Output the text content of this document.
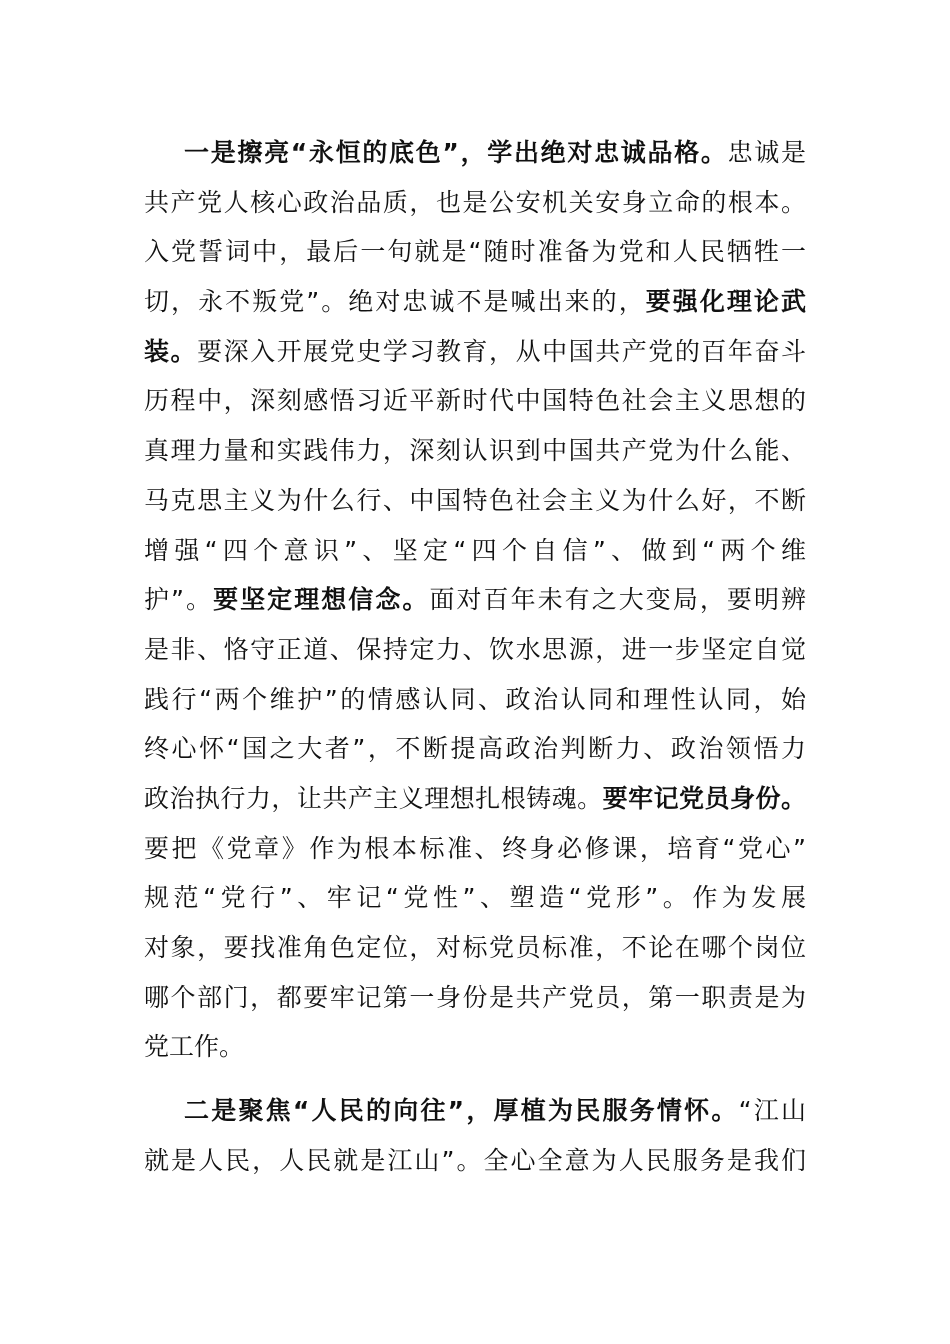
一是擦亮“永恒的底色”，学出绝对忠诚品格。忠诚是
共产党人核心政治品质，也是公安机关安身立命的根本。
入党誓词中，最后一句就是“随时准备为党和人民牺牲一
切，永不叛党”。绝对忠诚不是喊出来的，要强化理论武
装。要深入开展党史学习教育，从中国共产党的百年奋斗
历程中，深刻感悟习近平新时代中国特色社会主义思想的
真理力量和实践伟力，深刻认识到中国共产党为什么能、
马克思主义为什么行、中国特色社会主义为什么好，不断
增强“四个意识”、坚定“四个自信”、做到“两个维
护”。要坚定理想信念。面对百年未有之大变局，要明辨
是非、恪守正道、保持定力、饮水思源，进一步坚定自觉
践行“两个维护”的情感认同、政治认同和理性认同，始
终心怀“国之大者”，不断提高政治判断力、政治领悟力
政治执行力，让共产主义理想扎根铸魂。要牢记党员身份。
要把《党章》作为根本标准、终身必修课，培育“党心”
规范“党行”、牢记“党性”、塑造“党形”。作为发展
对象，要找准角色定位，对标党员标准，不论在哪个岗位
哪个部门，都要牢记第一身份是共产党员，第一职责是为
党工作。
二是聚焦“人民的向往”，厚植为民服务情怀。“江山
就是人民，人民就是江山”。全心全意为人民服务是我们
